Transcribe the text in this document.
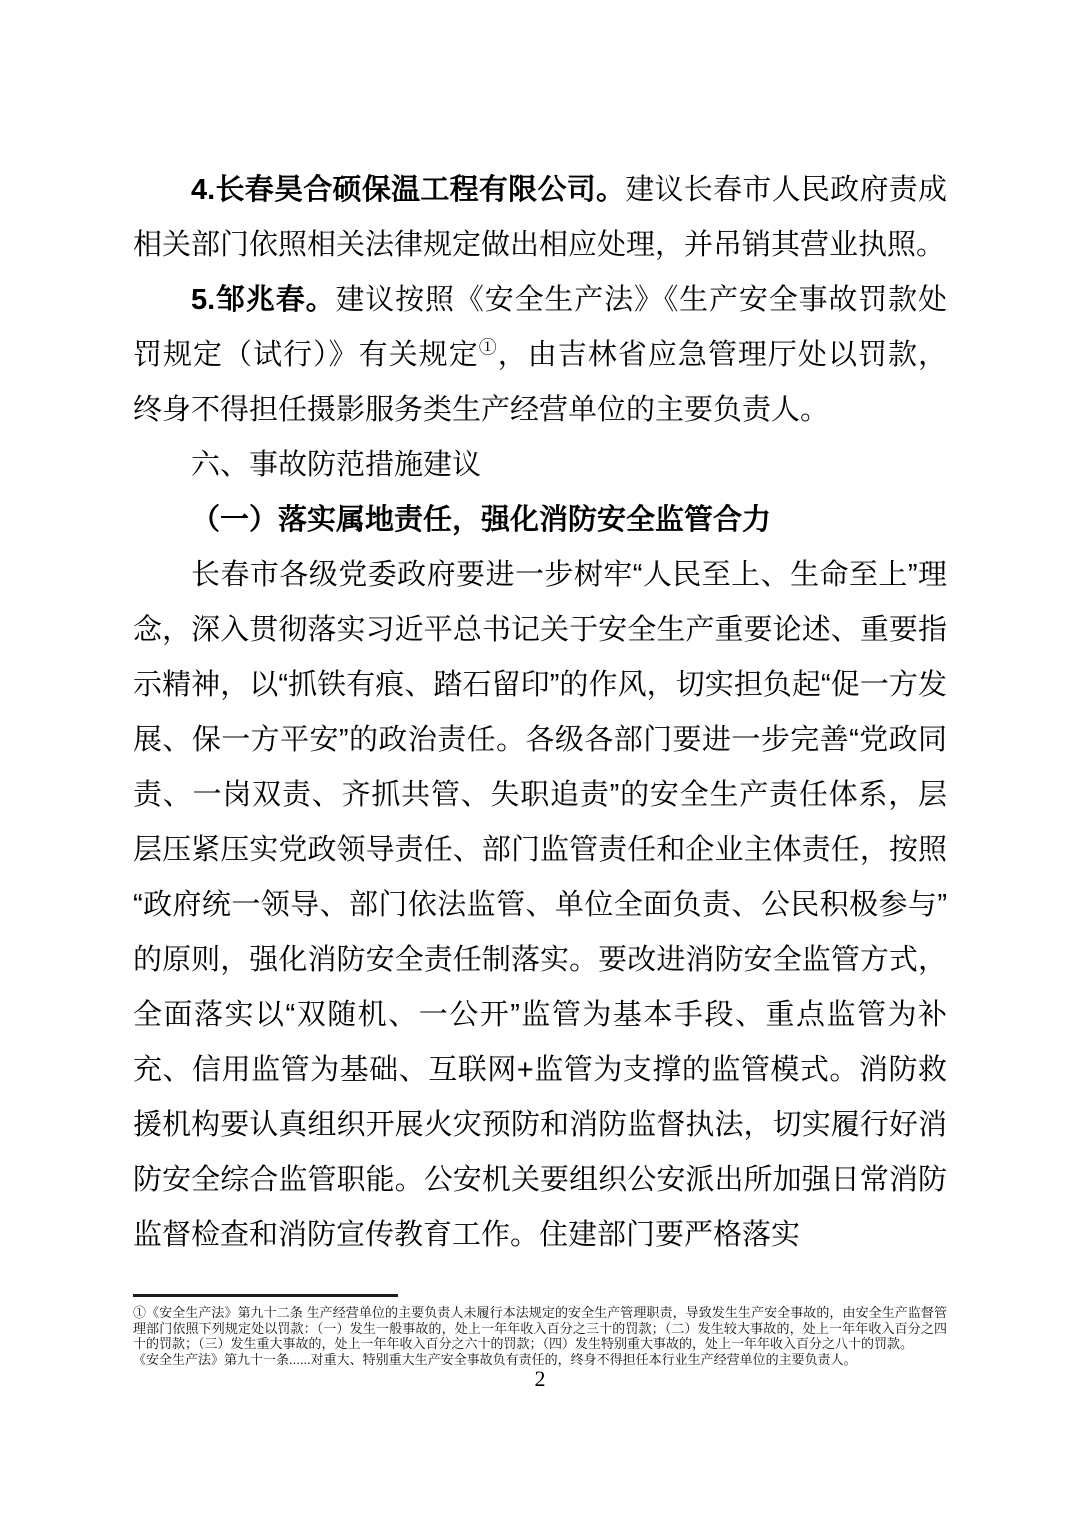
4.长春昊合硕保温工程有限公司。建议长春市人民政府责成相关部门依照相关法律规定做出相应处理，并吊销其营业执照。

5.邹兆春。建议按照《安全生产法》《生产安全事故罚款处罚规定（试行）》有关规定①，由吉林省应急管理厅处以罚款，终身不得担任摄影服务类生产经营单位的主要负责人。

六、事故防范措施建议

（一）落实属地责任，强化消防安全监管合力

长春市各级党委政府要进一步树牢“人民至上、生命至上”理念，深入贯彻落实习近平总书记关于安全生产重要论述、重要指示精神，以“抓铁有痕、踏石留印”的作风，切实担负起“促一方发展、保一方平安”的政治责任。各级各部门要进一步完善“党政同责、一岗双责、齐抓共管、失职追责”的安全生产责任体系，层层压紧压实党政领导责任、部门监管责任和企业主体责任，按照“政府统一领导、部门依法监管、单位全面负责、公民积极参与”的原则，强化消防安全责任制落实。要改进消防安全监管方式，全面落实以“双随机、一公开”监管为基本手段、重点监管为补充、信用监管为基础、互联网+监管为支撑的监管模式。消防救援机构要认真组织开展火灾预防和消防监督执法，切实履行好消防安全综合监管职能。公安机关要组织公安派出所加强日常消防监督检查和消防宣传教育工作。住建部门要严格落实

①《安全生产法》第九十二条 生产经营单位的主要负责人未履行本法规定的安全生产管理职责，导致发生生产安全事故的，由安全生产监督管理部门依照下列规定处以罚款：（一）发生一般事故的，处上一年年收入百分之三十的罚款；（二）发生较大事故的，处上一年年收入百分之四十的罚款；（三）发生重大事故的，处上一年年收入百分之六十的罚款；（四）发生特别重大事故的，处上一年年收入百分之八十的罚款。

《安全生产法》第九十一条......对重大、特别重大生产安全事故负有责任的，终身不得担任本行业生产经营单位的主要负责人。

2
